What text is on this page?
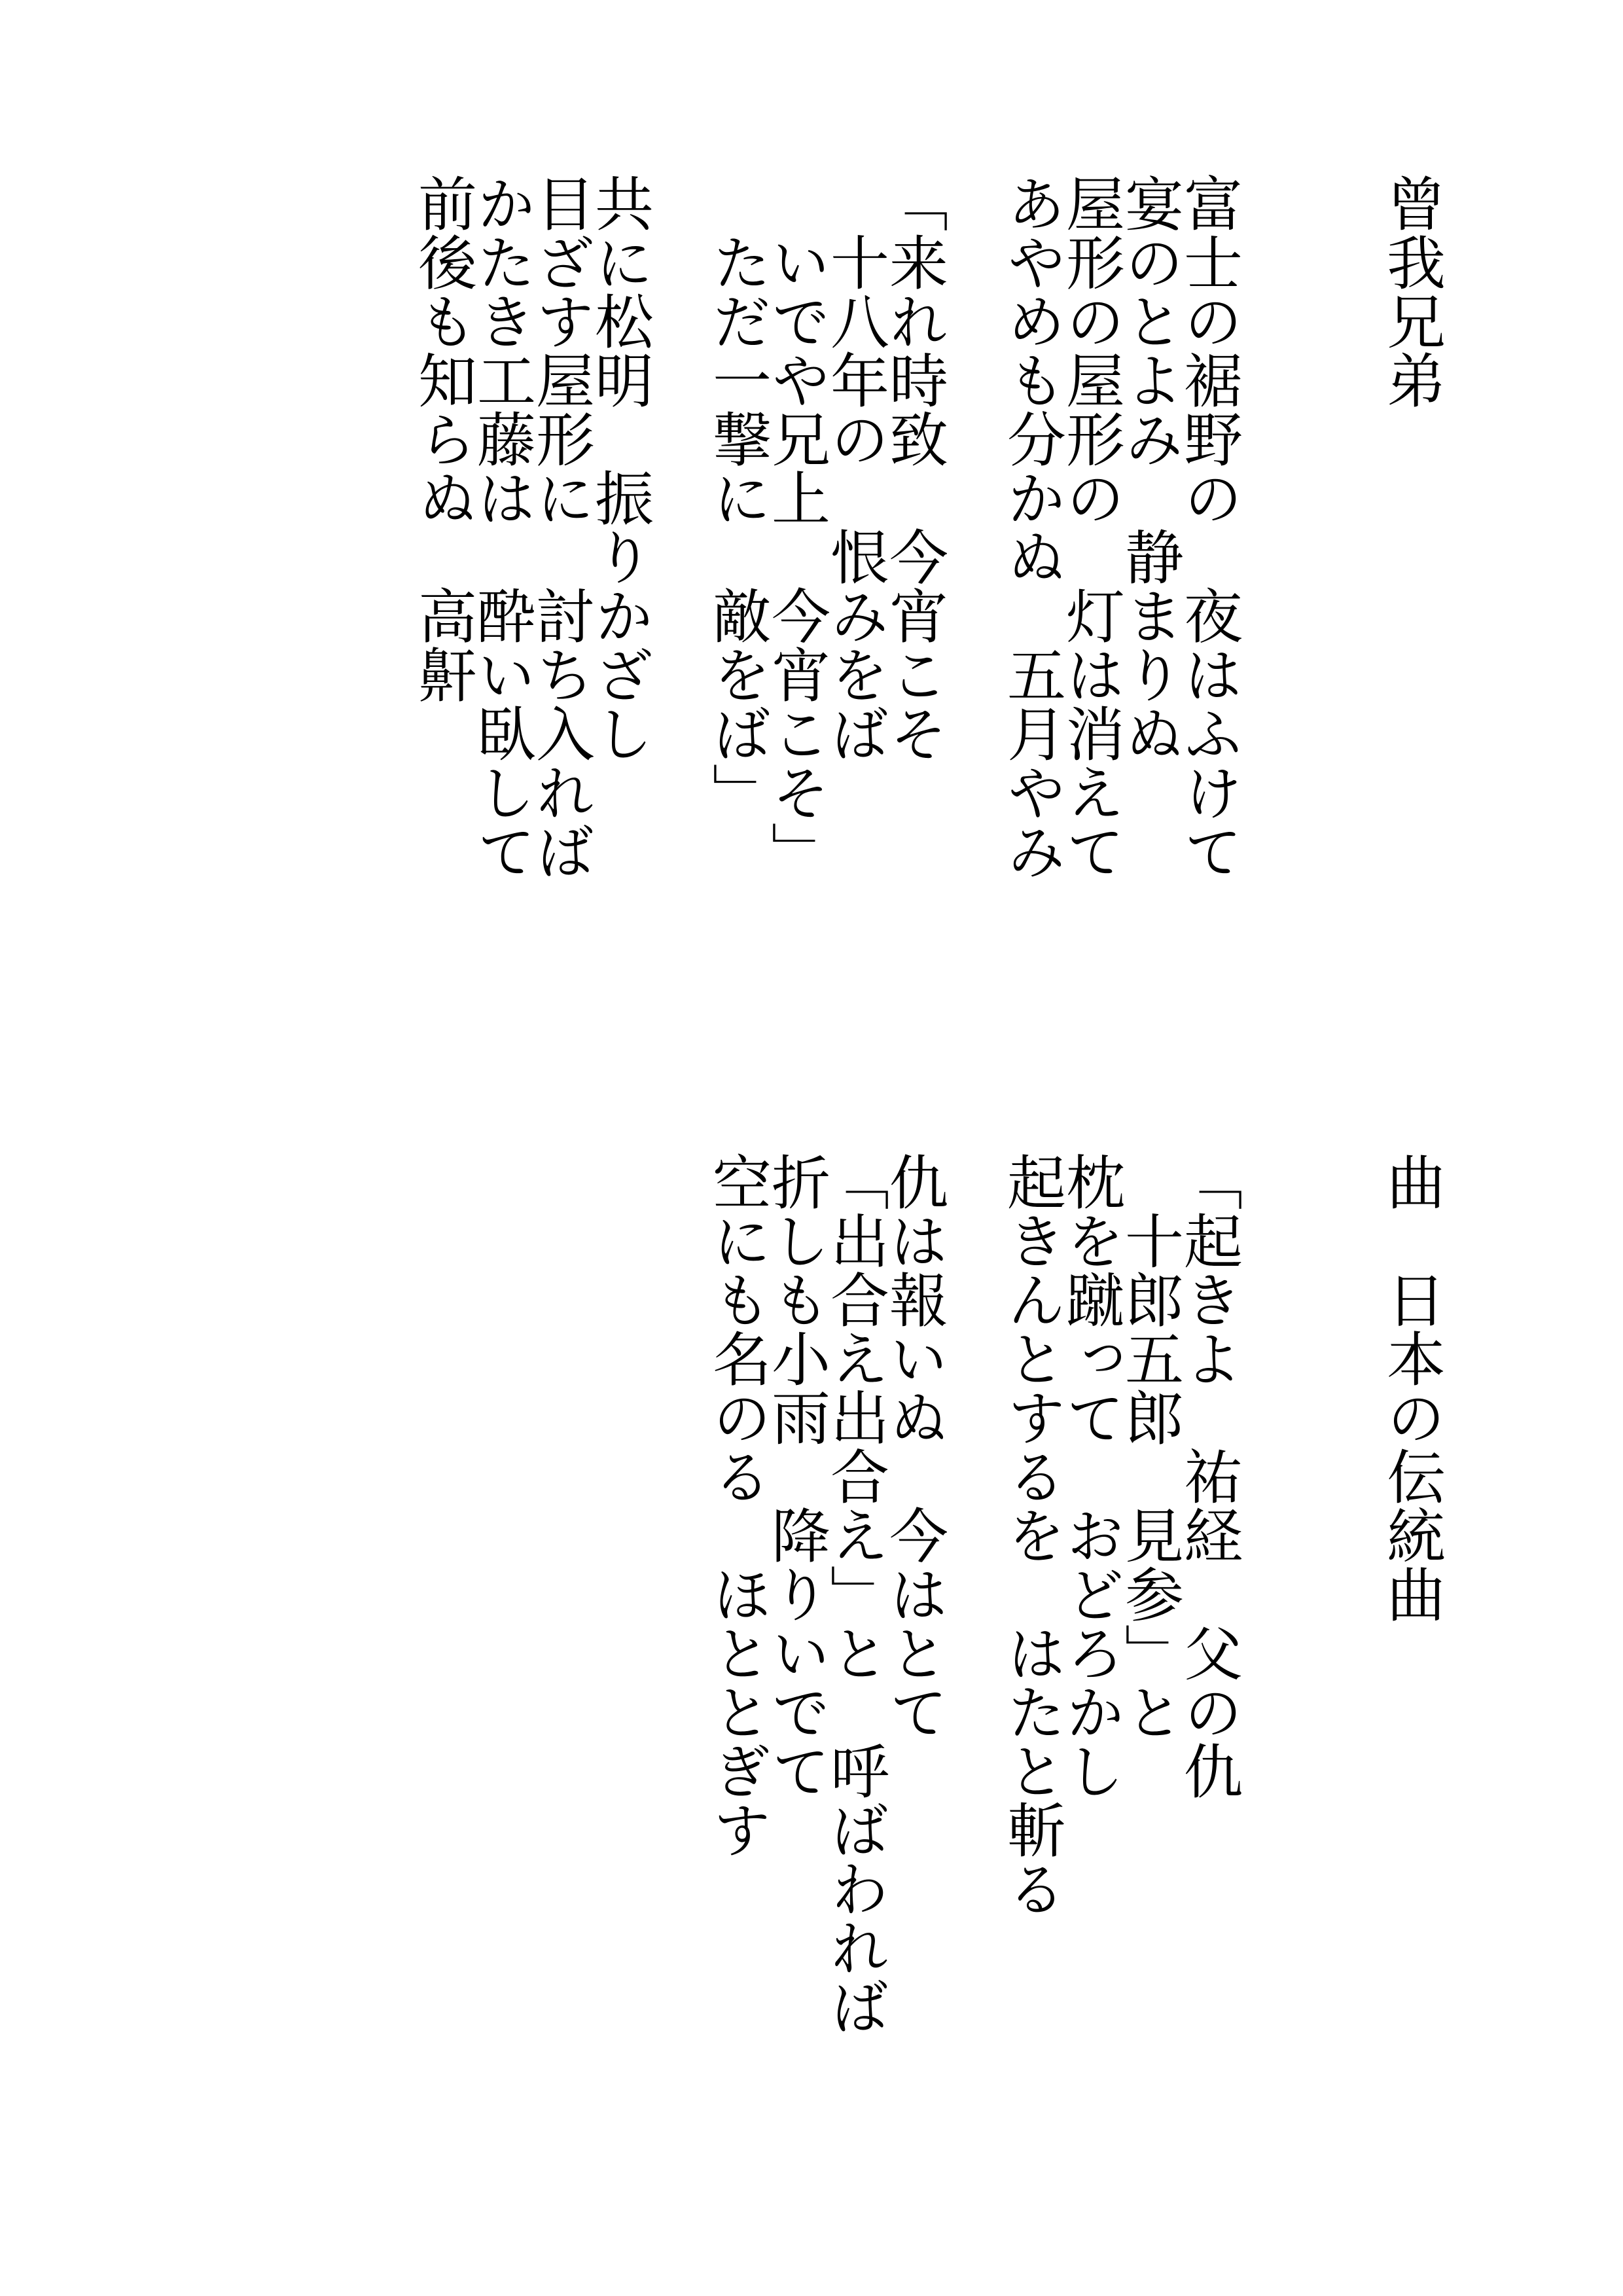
曾我兄弟
富士の裾野の　夜はふけて
宴のとよみ　静まりぬ
屋形の屋形の　灯は消えて
あやめも分かぬ　五月やみ
「来れ時致　今宵こそ
十八年の　恨みをば
いでや兄上　今宵こそ」
ただ一撃に　敵をば」
共に松明　振りかざし
目ざす屋形に　討ち入れば
かたき工藤は　酔い臥して
前後も知らぬ　高鼾
曲　日本の伝統曲
「起きよ　祐経　父の仇
十郎五郎　見参」と
枕を蹴って　おどろかし
起きんとするを　はたと斬る
仇は報いぬ　今はとて
「出合え出合え」と　呼ばわれば
折しも小雨　降りいでて
空にも名のる　ほととぎす
